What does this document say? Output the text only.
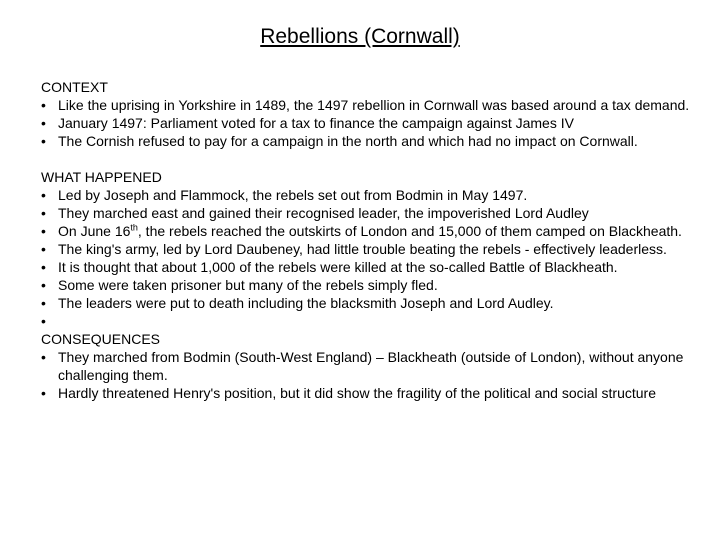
Rebellions (Cornwall)
CONTEXT
• Like the uprising in Yorkshire in 1489, the 1497 rebellion in Cornwall was based around a tax demand.
• January 1497: Parliament voted for a tax to finance the campaign against James IV
• The Cornish refused to pay for a campaign in the north and which had no impact on Cornwall.
WHAT HAPPENED
• Led by Joseph and Flammock, the rebels set out from Bodmin in May 1497.
• They marched east and gained their recognised leader, the impoverished Lord Audley
• On June 16th, the rebels reached the outskirts of London and 15,000 of them camped on Blackheath.
• The king's army, led by Lord Daubeney, had little trouble beating the rebels - effectively leaderless.
• It is thought that about 1,000 of the rebels were killed at the so-called Battle of Blackheath.
• Some were taken prisoner but many of the rebels simply fled.
• The leaders were put to death including the blacksmith Joseph and Lord Audley.
•
CONSEQUENCES
• They marched from Bodmin (South-West England) – Blackheath (outside of London), without anyone challenging them.
• Hardly threatened Henry's position, but it did show the fragility of the political and social structure
